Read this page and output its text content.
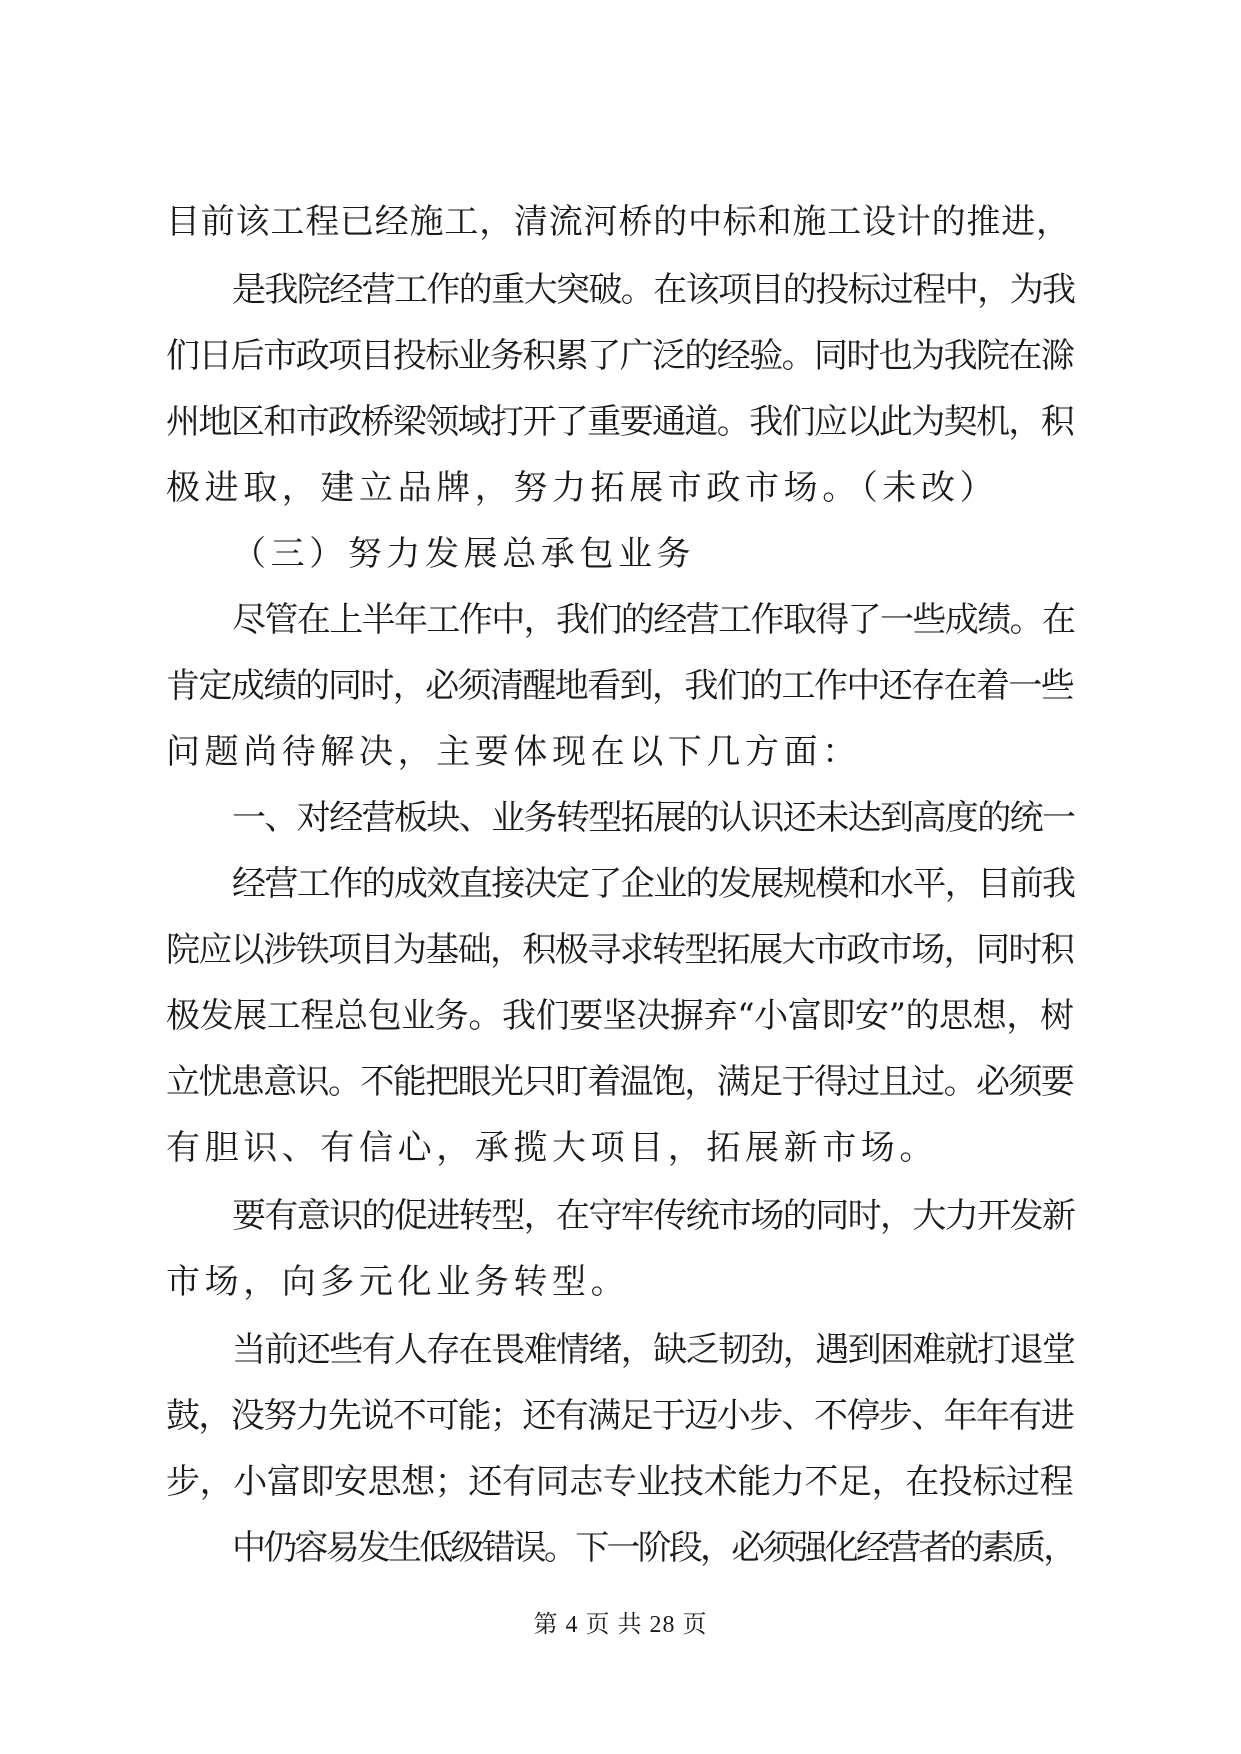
目前该工程已经施工，清流河桥的中标和施工设计的推进，
是我院经营工作的重大突破。在该项目的投标过程中，为我
们日后市政项目投标业务积累了广泛的经验。同时也为我院在滁
州地区和市政桥梁领域打开了重要通道。我们应以此为契机，积
极进取，建立品牌，努力拓展市政市场。（未改）
（三）努力发展总承包业务
尽管在上半年工作中，我们的经营工作取得了一些成绩。在
肯定成绩的同时，必须清醒地看到，我们的工作中还存在着一些
问题尚待解决，主要体现在以下几方面：
一、对经营板块、业务转型拓展的认识还未达到高度的统一
经营工作的成效直接决定了企业的发展规模和水平，目前我
院应以涉铁项目为基础，积极寻求转型拓展大市政市场，同时积
极发展工程总包业务。我们要坚决摒弃“小富即安”的思想，树
立忧患意识。不能把眼光只盯着温饱，满足于得过且过。必须要
有胆识、有信心，承揽大项目，拓展新市场。
要有意识的促进转型，在守牢传统市场的同时，大力开发新
市场，向多元化业务转型。
当前还些有人存在畏难情绪，缺乏韧劲，遇到困难就打退堂
鼓，没努力先说不可能；还有满足于迈小步、不停步、年年有进
步，小富即安思想；还有同志专业技术能力不足，在投标过程
中仍容易发生低级错误。下一阶段，必须强化经营者的素质，
第 4 页 共 28 页
